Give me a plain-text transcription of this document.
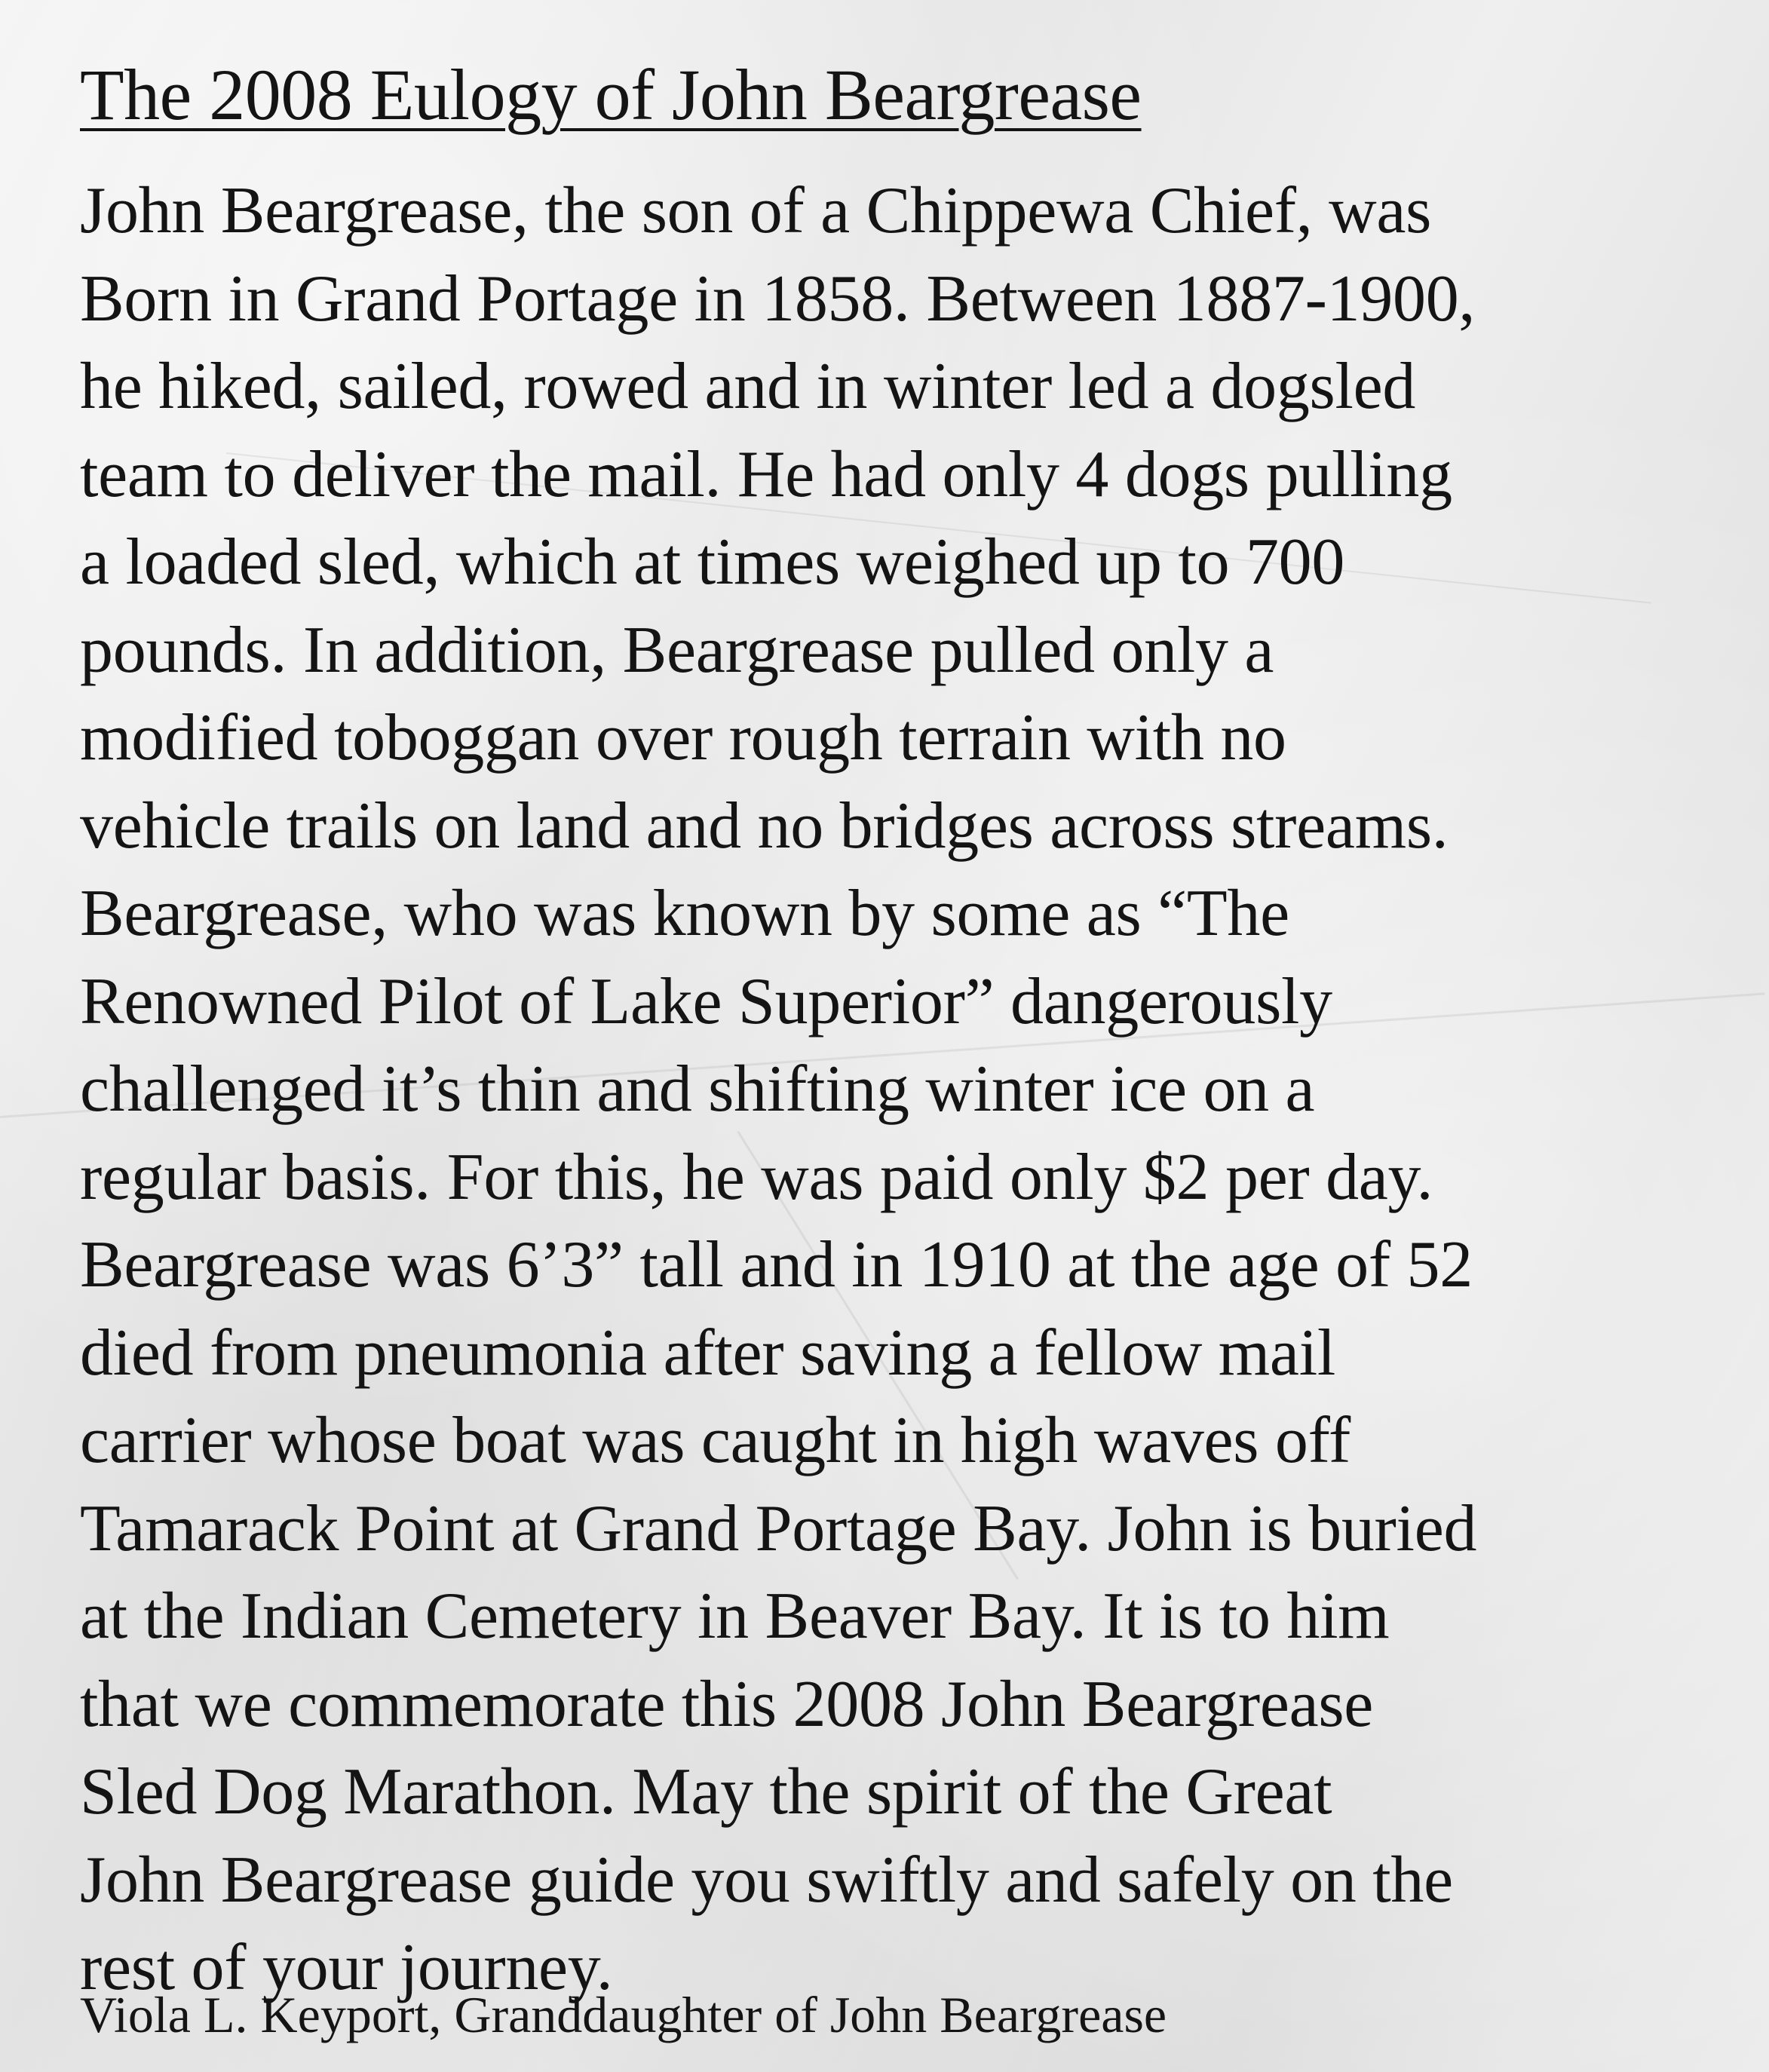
The 2008 Eulogy of John Beargrease
John Beargrease, the son of a Chippewa Chief, was
Born in Grand Portage in 1858. Between 1887-1900,
he hiked, sailed, rowed and in winter led a dogsled
team to deliver the mail. He had only 4 dogs pulling
a loaded sled, which at times weighed up to 700
pounds. In addition, Beargrease pulled only a
modified toboggan over rough terrain with no
vehicle trails on land and no bridges across streams.
Beargrease, who was known by some as “The
Renowned Pilot of Lake Superior” dangerously
challenged it’s thin and shifting winter ice on a
regular basis. For this, he was paid only $2 per day.
Beargrease was 6’3” tall and in 1910 at the age of 52
died from pneumonia after saving a fellow mail
carrier whose boat was caught in high waves off
Tamarack Point at Grand Portage Bay. John is buried
at the Indian Cemetery in Beaver Bay. It is to him
that we commemorate this 2008 John Beargrease
Sled Dog Marathon. May the spirit of the Great
John Beargrease guide you swiftly and safely on the
rest of your journey.

Viola L. Keyport, Granddaughter of John Beargrease
